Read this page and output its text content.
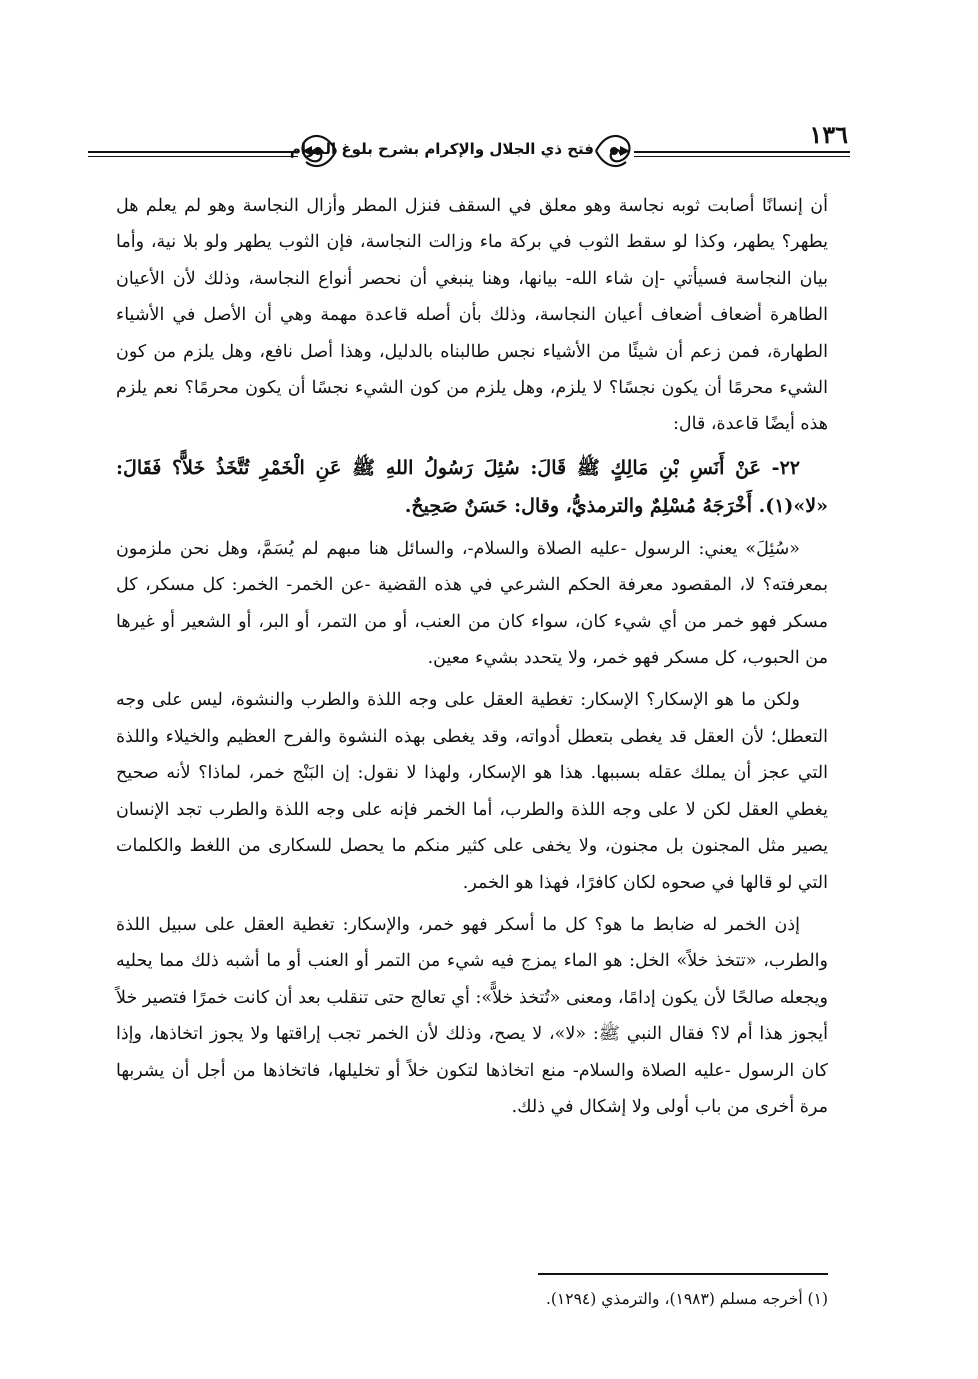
١٣٦
فتح ذي الجلال والإكرام بشرح بلوغ المرام

أن إنسانًا أصابت ثوبه نجاسة وهو معلق في السقف فنزل المطر وأزال النجاسة وهو لم يعلم هل يطهر؟ يطهر، وكذا لو سقط الثوب في بركة ماء وزالت النجاسة، فإن الثوب يطهر ولو بلا نية، وأما بيان النجاسة فسيأتي -إن شاء الله- بيانها، وهنا ينبغي أن نحصر أنواع النجاسة، وذلك لأن الأعيان الطاهرة أضعاف أضعاف أعيان النجاسة، وذلك بأن أصله قاعدة مهمة وهي أن الأصل في الأشياء الطهارة، فمن زعم أن شيئًا من الأشياء نجس طالبناه بالدليل، وهذا أصل نافع، وهل يلزم من كون الشيء محرمًا أن يكون نجسًا؟ لا يلزم، وهل يلزم من كون الشيء نجسًا أن يكون محرمًا؟ نعم يلزم هذه أيضًا قاعدة، قال:

٢٢- عَنْ أَنَسِ بْنِ مَالِكٍ ﷺ قَالَ: سُئِلَ رَسُولُ اللهِ ﷺ عَنِ الْخَمْرِ تُتَّخَذُ خَلاًّ؟ فَقَالَ: «لا»(١). أَخْرَجَهُ مُسْلِمٌ والترمذيُّ، وقال: حَسَنٌ صَحِيحٌ.

«سُئِلَ» يعني: الرسول -عليه الصلاة والسلام-، والسائل هنا مبهم لم يُسَمَّ، وهل نحن ملزمون بمعرفته؟ لا، المقصود معرفة الحكم الشرعي في هذه القضية -عن الخمر- الخمر: كل مسكر، كل مسكر فهو خمر من أي شيء كان، سواء كان من العنب، أو من التمر، أو البر، أو الشعير أو غيرها من الحبوب، كل مسكر فهو خمر، ولا يتحدد بشيء معين.

ولكن ما هو الإسكار؟ الإسكار: تغطية العقل على وجه اللذة والطرب والنشوة، ليس على وجه التعطل؛ لأن العقل قد يغطى بتعطل أدواته، وقد يغطى بهذه النشوة والفرح العظيم والخيلاء واللذة التي عجز أن يملك عقله بسببها. هذا هو الإسكار، ولهذا لا نقول: إن البَنْج خمر، لماذا؟ لأنه صحيح يغطي العقل لكن لا على وجه اللذة والطرب، أما الخمر فإنه على وجه اللذة والطرب تجد الإنسان يصير مثل المجنون بل مجنون، ولا يخفى على كثير منكم ما يحصل للسكارى من اللغط والكلمات التي لو قالها في صحوه لكان كافرًا، فهذا هو الخمر.

إذن الخمر له ضابط ما هو؟ كل ما أسكر فهو خمر، والإسكار: تغطية العقل على سبيل اللذة والطرب، «تتخذ خلاً» الخل: هو الماء يمزج فيه شيء من التمر أو العنب أو ما أشبه ذلك مما يحليه ويجعله صالحًا لأن يكون إدامًا، ومعنى «تُتخذ خلاًّ»: أي تعالج حتى تنقلب بعد أن كانت خمرًا فتصير خلاً أيجوز هذا أم لا؟ فقال النبي ﷺ: «لا»، لا يصح، وذلك لأن الخمر تجب إراقتها ولا يجوز اتخاذها، وإذا كان الرسول -عليه الصلاة والسلام- منع اتخاذها لتكون خلاً أو تخليلها، فاتخاذها من أجل أن يشربها مرة أخرى من باب أولى ولا إشكال في ذلك.

(١) أخرجه مسلم (١٩٨٣)، والترمذي (١٢٩٤).
